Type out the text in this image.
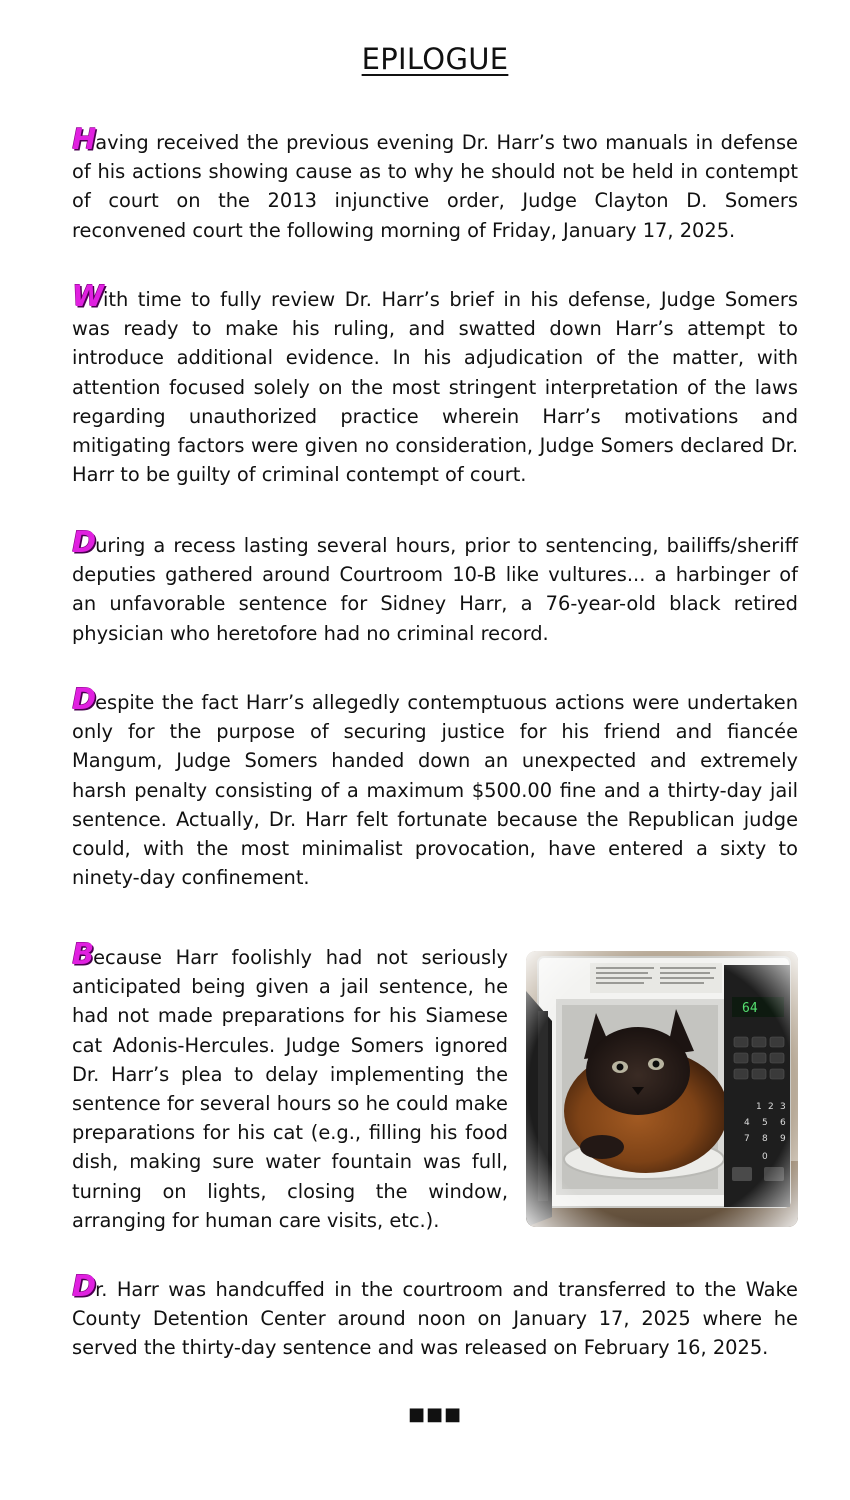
EPILOGUE

Having received the previous evening Dr. Harr’s two manuals in defense of his actions showing cause as to why he should not be held in contempt of court on the 2013 injunctive order, Judge Clayton D. Somers reconvened court the following morning of Friday, January 17, 2025.

With time to fully review Dr. Harr’s brief in his defense, Judge Somers was ready to make his ruling, and swatted down Harr’s attempt to introduce additional evidence. In his adjudication of the matter, with attention focused solely on the most stringent interpretation of the laws regarding unauthorized practice wherein Harr’s motivations and mitigating factors were given no consideration, Judge Somers declared Dr. Harr to be guilty of criminal contempt of court.

During a recess lasting several hours, prior to sentencing, bailiffs/sheriff deputies gathered around Courtroom 10-B like vultures... a harbinger of an unfavorable sentence for Sidney Harr, a 76-year-old black retired physician who heretofore had no criminal record.

Despite the fact Harr’s allegedly contemptuous actions were undertaken only for the purpose of securing justice for his friend and fiancée Mangum, Judge Somers handed down an unexpected and extremely harsh penalty consisting of a maximum $500.00 fine and a thirty-day jail sentence. Actually, Dr. Harr felt fortunate because the Republican judge could, with the most minimalist provocation, have entered a sixty to ninety-day confinement.

Because Harr foolishly had not seriously anticipated being given a jail sentence, he had not made preparations for his Siamese cat Adonis-Hercules. Judge Somers ignored Dr. Harr’s plea to delay implementing the sentence for several hours so he could make preparations for his cat (e.g., filling his food dish, making sure water fountain was full, turning on lights, closing the window, arranging for human care visits, etc.).

Dr. Harr was handcuffed in the courtroom and transferred to the Wake County Detention Center around noon on January 17, 2025 where he served the thirty-day sentence and was released on February 16, 2025.

■■■
